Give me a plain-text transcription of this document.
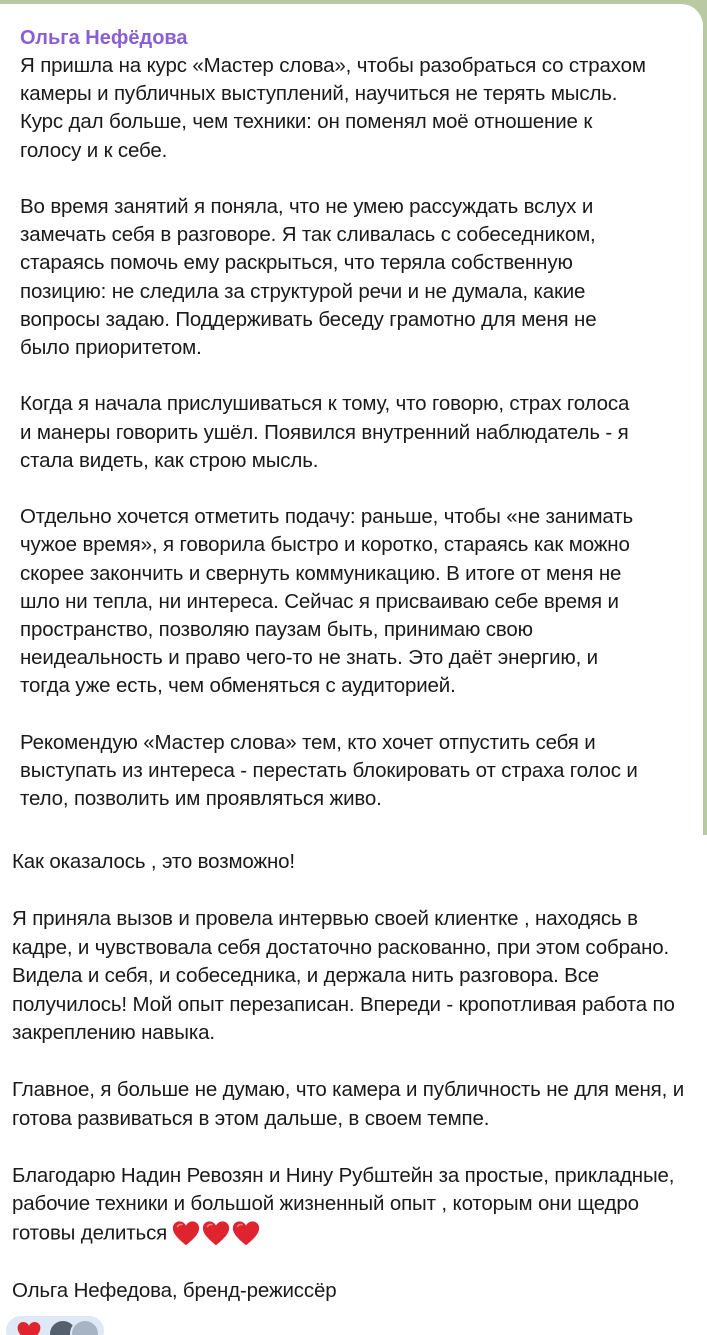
Ольга Нефёдова

Я пришла на курс «Мастер слова», чтобы разобраться со страхом
камеры и публичных выступлений, научиться не терять мысль.
Курс дал больше, чем техники: он поменял моё отношение к
голосу и к себе.

Во время занятий я поняла, что не умею рассуждать вслух и
замечать себя в разговоре. Я так сливалась с собеседником,
стараясь помочь ему раскрыться, что теряла собственную
позицию: не следила за структурой речи и не думала, какие
вопросы задаю. Поддерживать беседу грамотно для меня не
было приоритетом.

Когда я начала прислушиваться к тому, что говорю, страх голоса
и манеры говорить ушёл. Появился внутренний наблюдатель - я
стала видеть, как строю мысль.

Отдельно хочется отметить подачу: раньше, чтобы «не занимать
чужое время», я говорила быстро и коротко, стараясь как можно
скорее закончить и свернуть коммуникацию. В итоге от меня не
шло ни тепла, ни интереса. Сейчас я присваиваю себе время и
пространство, позволяю паузам быть, принимаю свою
неидеальность и право чего-то не знать. Это даёт энергию, и
тогда уже есть, чем обменяться с аудиторией.

Рекомендую «Мастер слова» тем, кто хочет отпустить себя и
выступать из интереса - перестать блокировать от страха голос и
тело, позволить им проявляться живо.

Как оказалось , это возможно!

Я приняла вызов и провела интервью своей клиентке , находясь в кадре, и чувствовала себя достаточно раскованно, при этом собрано. Видела и себя, и собеседника, и держала нить разговора. Все получилось! Мой опыт перезаписан. Впереди - кропотливая работа по закреплению навыка.

Главное, я больше не думаю, что камера и публичность не для меня, и готова развиваться в этом дальше, в своем темпе.

Благодарю Надин Ревозян и Нину Рубштейн за простые, прикладные, рабочие техники и большой жизненный опыт , которым они щедро готовы делиться

Ольга Нефедова, бренд-режиссёр
